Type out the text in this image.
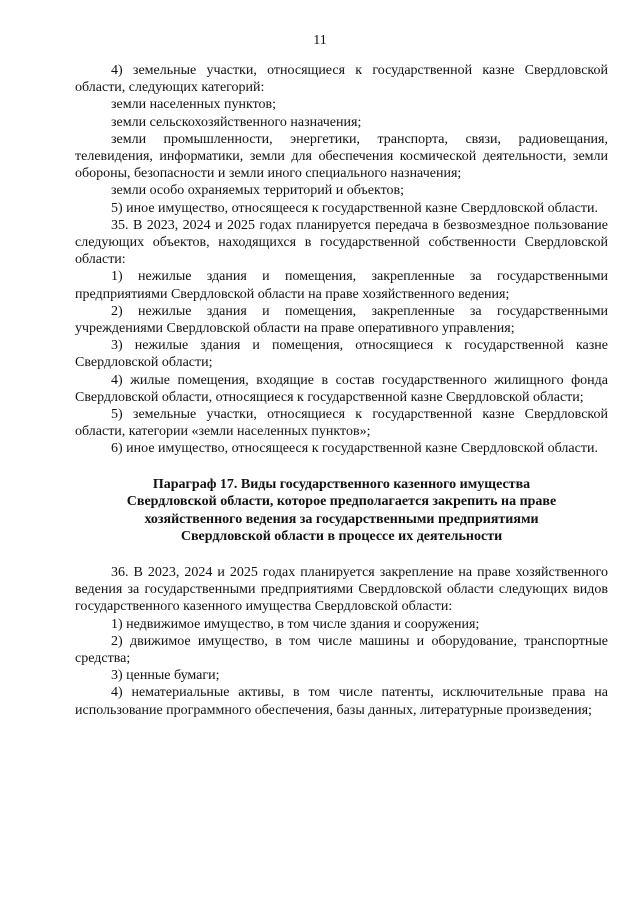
11

4) земельные участки, относящиеся к государственной казне Свердловской области, следующих категорий:

земли населенных пунктов;

земли сельскохозяйственного назначения;

земли промышленности, энергетики, транспорта, связи, радиовещания, телевидения, информатики, земли для обеспечения космической деятельности, земли обороны, безопасности и земли иного специального назначения;

земли особо охраняемых территорий и объектов;

5) иное имущество, относящееся к государственной казне Свердловской области.

35. В 2023, 2024 и 2025 годах планируется передача в безвозмездное пользование следующих объектов, находящихся в государственной собственности Свердловской области:

1) нежилые здания и помещения, закрепленные за государственными предприятиями Свердловской области на праве хозяйственного ведения;

2) нежилые здания и помещения, закрепленные за государственными учреждениями Свердловской области на праве оперативного управления;

3) нежилые здания и помещения, относящиеся к государственной казне Свердловской области;

4) жилые помещения, входящие в состав государственного жилищного фонда Свердловской области, относящиеся к государственной казне Свердловской области;

5) земельные участки, относящиеся к государственной казне Свердловской области, категории «земли населенных пунктов»;

6) иное имущество, относящееся к государственной казне Свердловской области.

Параграф 17. Виды государственного казенного имущества Свердловской области, которое предполагается закрепить на праве хозяйственного ведения за государственными предприятиями Свердловской области в процессе их деятельности

36. В 2023, 2024 и 2025 годах планируется закрепление на праве хозяйственного ведения за государственными предприятиями Свердловской области следующих видов государственного казенного имущества Свердловской области:

1) недвижимое имущество, в том числе здания и сооружения;

2) движимое имущество, в том числе машины и оборудование, транспортные средства;

3) ценные бумаги;

4) нематериальные активы, в том числе патенты, исключительные права на использование программного обеспечения, базы данных, литературные произведения;
